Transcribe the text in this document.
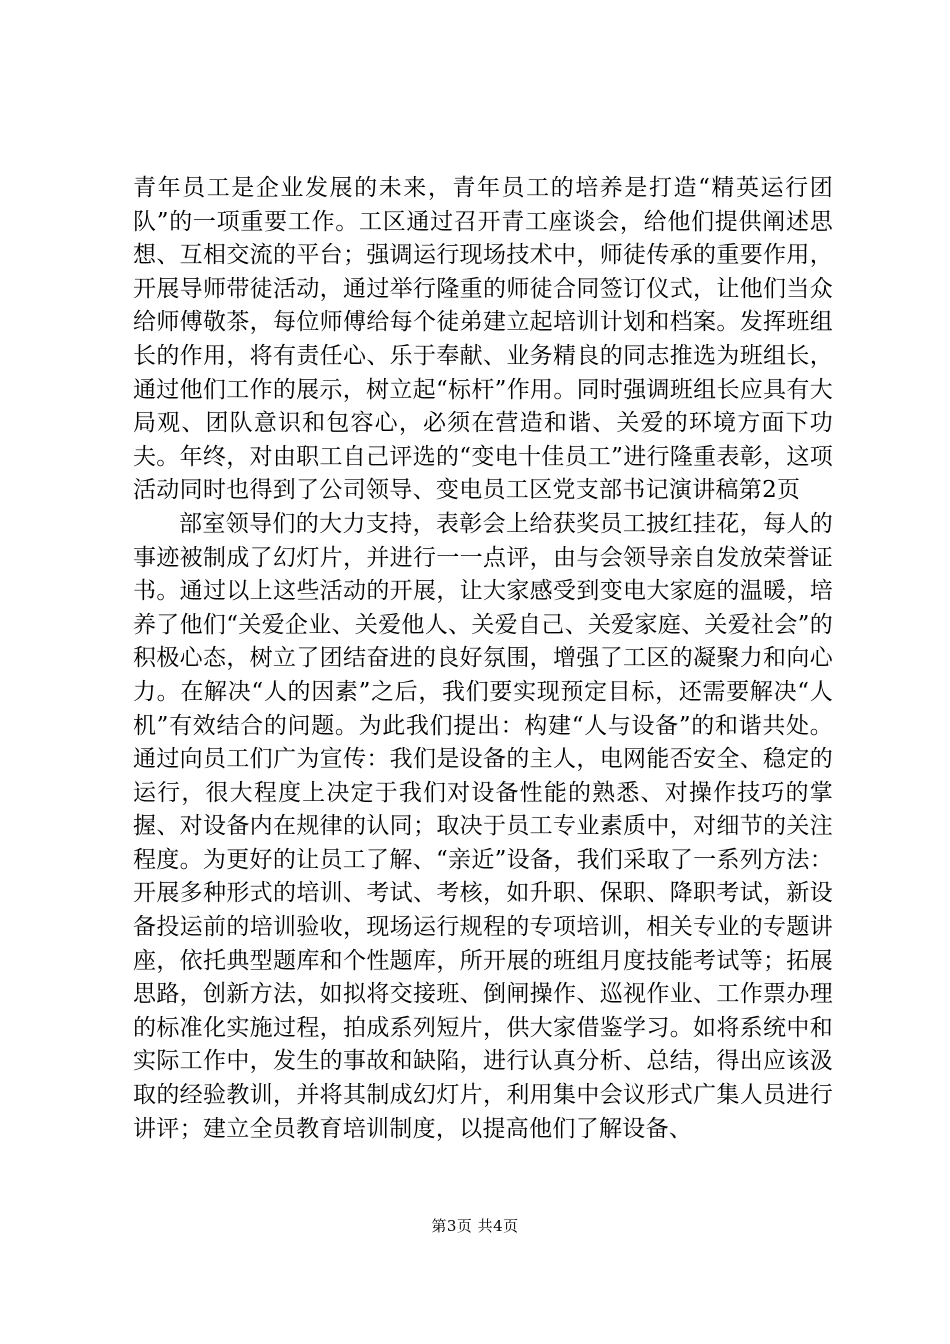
青年员工是企业发展的未来，青年员工的培养是打造“精英运行团队”的一项重要工作。工区通过召开青工座谈会，给他们提供阐述思想、互相交流的平台；强调运行现场技术中，师徒传承的重要作用，开展导师带徒活动，通过举行隆重的师徒合同签订仪式，让他们当众给师傅敬茶，每位师傅给每个徒弟建立起培训计划和档案。发挥班组长的作用，将有责任心、乐于奉献、业务精良的同志推选为班组长，通过他们工作的展示，树立起“标杆”作用。同时强调班组长应具有大局观、团队意识和包容心，必须在营造和谐、关爱的环境方面下功夫。年终，对由职工自己评选的“变电十佳员工”进行隆重表彰，这项活动同时也得到了公司领导、变电员工区党支部书记演讲稿第2页

部室领导们的大力支持，表彰会上给获奖员工披红挂花，每人的事迹被制成了幻灯片，并进行一一点评，由与会领导亲自发放荣誉证书。通过以上这些活动的开展，让大家感受到变电大家庭的温暖，培养了他们“关爱企业、关爱他人、关爱自己、关爱家庭、关爱社会”的积极心态，树立了团结奋进的良好氛围，增强了工区的凝聚力和向心力。在解决“人的因素”之后，我们要实现预定目标，还需要解决“人机”有效结合的问题。为此我们提出：构建“人与设备”的和谐共处。通过向员工们广为宣传：我们是设备的主人，电网能否安全、稳定的运行，很大程度上决定于我们对设备性能的熟悉、对操作技巧的掌握、对设备内在规律的认同；取决于员工专业素质中，对细节的关注程度。为更好的让员工了解、“亲近”设备，我们采取了一系列方法：开展多种形式的培训、考试、考核，如升职、保职、降职考试，新设备投运前的培训验收，现场运行规程的专项培训，相关专业的专题讲座，依托典型题库和个性题库，所开展的班组月度技能考试等；拓展思路，创新方法，如拟将交接班、倒闸操作、巡视作业、工作票办理的标准化实施过程，拍成系列短片，供大家借鉴学习。如将系统中和实际工作中，发生的事故和缺陷，进行认真分析、总结，得出应该汲取的经验教训，并将其制成幻灯片，利用集中会议形式广集人员进行讲评；建立全员教育培训制度，以提高他们了解设备、

第3页 共4页
